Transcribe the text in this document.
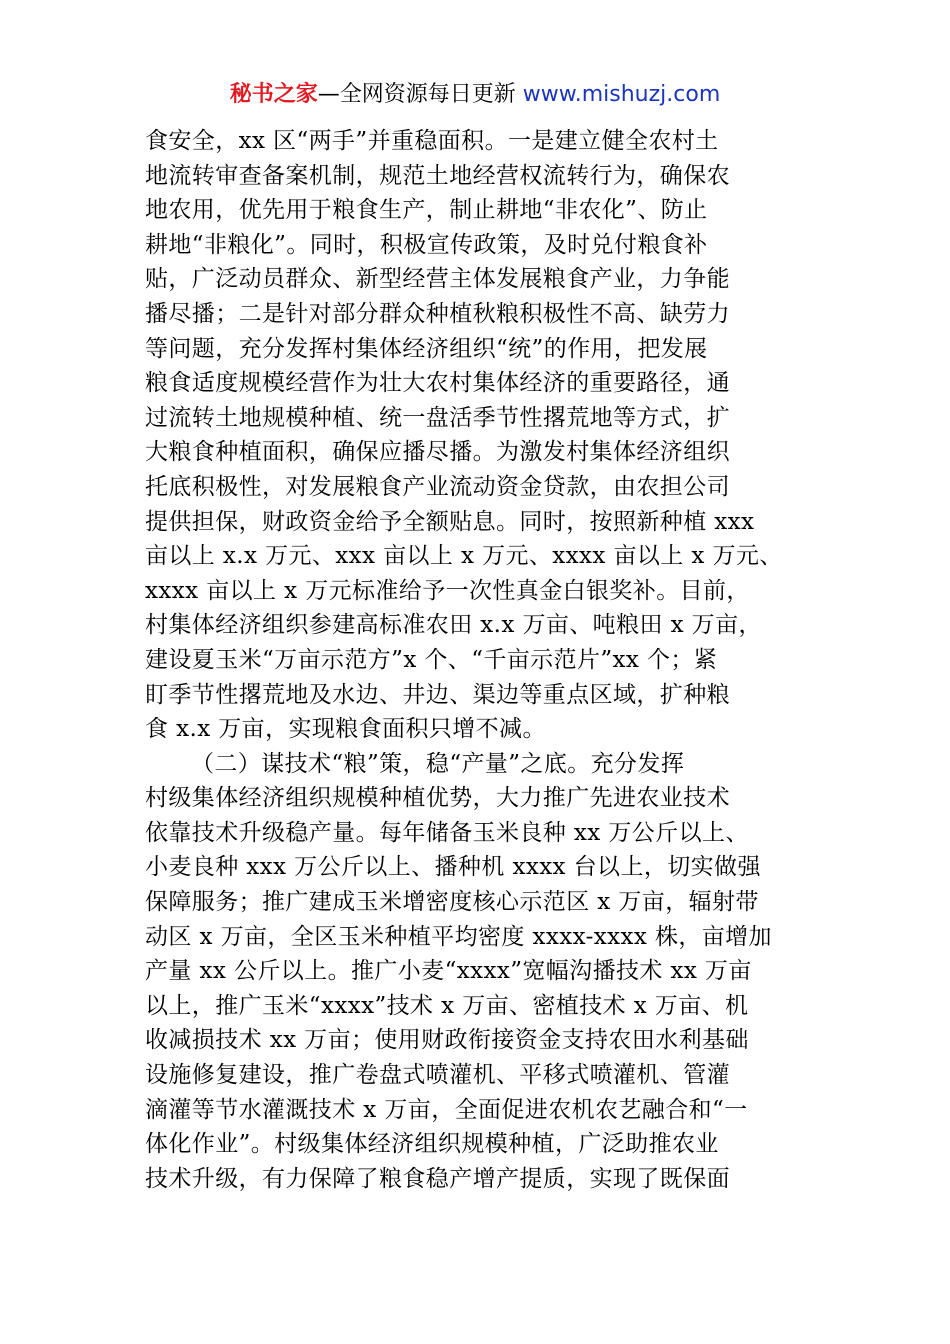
秘书之家—全网资源每日更新 www.mishuzj.com
食安全，xx 区“两手”并重稳面积。一是建立健全农村土
地流转审查备案机制，规范土地经营权流转行为，确保农
地农用，优先用于粮食生产，制止耕地“非农化”、防止
耕地“非粮化”。同时，积极宣传政策，及时兑付粮食补
贴，广泛动员群众、新型经营主体发展粮食产业，力争能
播尽播；二是针对部分群众种植秋粮积极性不高、缺劳力
等问题，充分发挥村集体经济组织“统”的作用，把发展
粮食适度规模经营作为壮大农村集体经济的重要路径，通
过流转土地规模种植、统一盘活季节性撂荒地等方式，扩
大粮食种植面积，确保应播尽播。为激发村集体经济组织
托底积极性，对发展粮食产业流动资金贷款，由农担公司
提供担保，财政资金给予全额贴息。同时，按照新种植 xxx
亩以上 x.x 万元、xxx 亩以上 x 万元、xxxx 亩以上 x 万元、
xxxx 亩以上 x 万元标准给予一次性真金白银奖补。目前，
村集体经济组织参建高标准农田 x.x 万亩、吨粮田 x 万亩，
建设夏玉米“万亩示范方”x 个、“千亩示范片”xx 个；紧
盯季节性撂荒地及水边、井边、渠边等重点区域，扩种粮
食 x.x 万亩，实现粮食面积只增不减。
（二）谋技术“粮”策，稳“产量”之底。充分发挥
村级集体经济组织规模种植优势，大力推广先进农业技术
依靠技术升级稳产量。每年储备玉米良种 xx 万公斤以上、
小麦良种 xxx 万公斤以上、播种机 xxxx 台以上，切实做强
保障服务；推广建成玉米增密度核心示范区 x 万亩，辐射带
动区 x 万亩，全区玉米种植平均密度 xxxx-xxxx 株，亩增加
产量 xx 公斤以上。推广小麦“xxxx”宽幅沟播技术 xx 万亩
以上，推广玉米“xxxx”技术 x 万亩、密植技术 x 万亩、机
收减损技术 xx 万亩；使用财政衔接资金支持农田水利基础
设施修复建设，推广卷盘式喷灌机、平移式喷灌机、管灌
滴灌等节水灌溉技术 x 万亩，全面促进农机农艺融合和“一
体化作业”。村级集体经济组织规模种植，广泛助推农业
技术升级，有力保障了粮食稳产增产提质，实现了既保面
